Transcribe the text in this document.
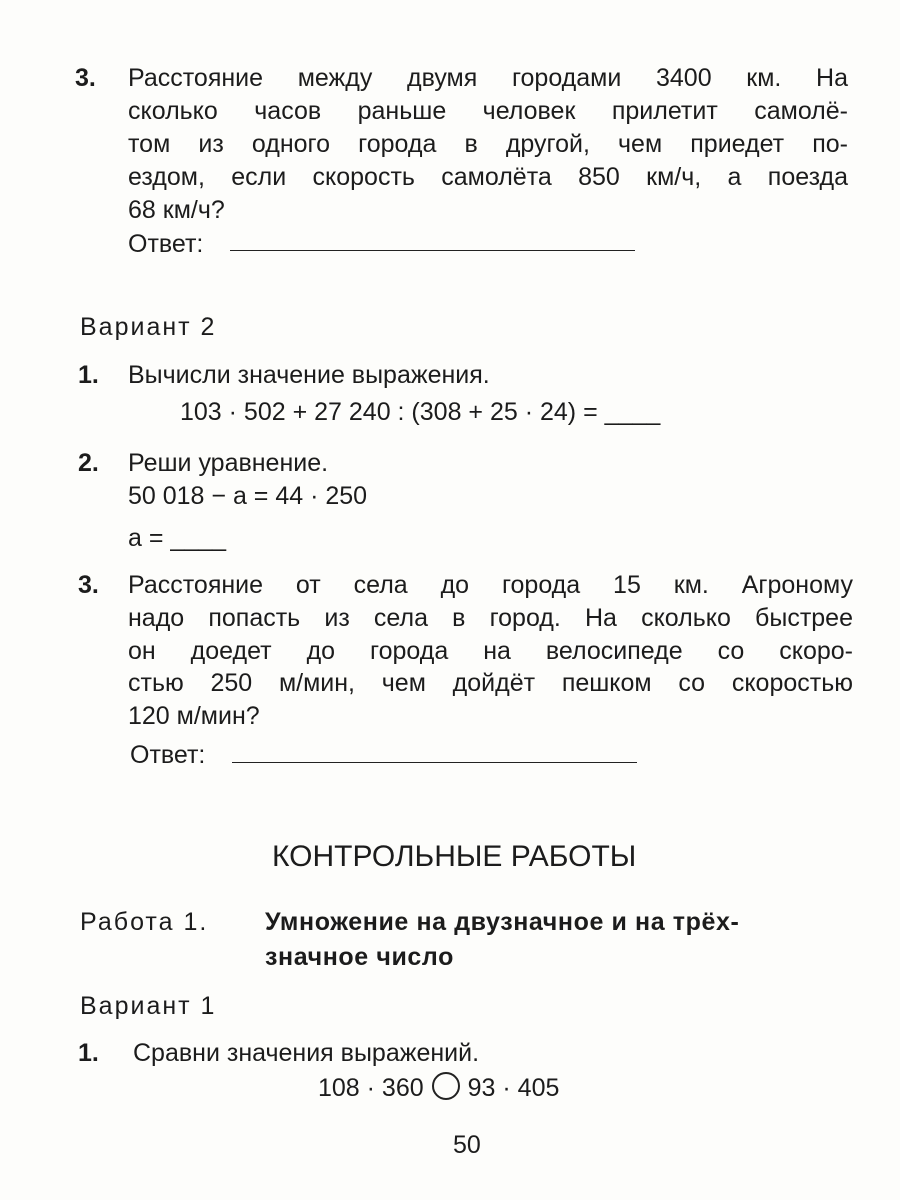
3. Расстояние между двумя городами 3400 км. На
сколько часов раньше человек прилетит самолё-
том из одного города в другой, чем приедет по-
ездом, если скорость самолёта 850 км/ч, а поезда
68 км/ч?
Ответ:
Вариант 2
1. Вычисли значение выражения.
103 · 502 + 27 240 : (308 + 25 · 24) = ____
2. Реши уравнение.
50 018 − a = 44 · 250
a = ____
3. Расстояние от села до города 15 км. Агроному
надо попасть из села в город. На сколько быстрее
он доедет до города на велосипеде со скоро-
стью 250 м/мин, чем дойдёт пешком со скоростью
120 м/мин?
Ответ:
КОНТРОЛЬНЫЕ РАБОТЫ
Работа 1. Умножение на двузначное и на трёх-
значное число
Вариант 1
1. Сравни значения выражений.
108 · 360 93 · 405
50
